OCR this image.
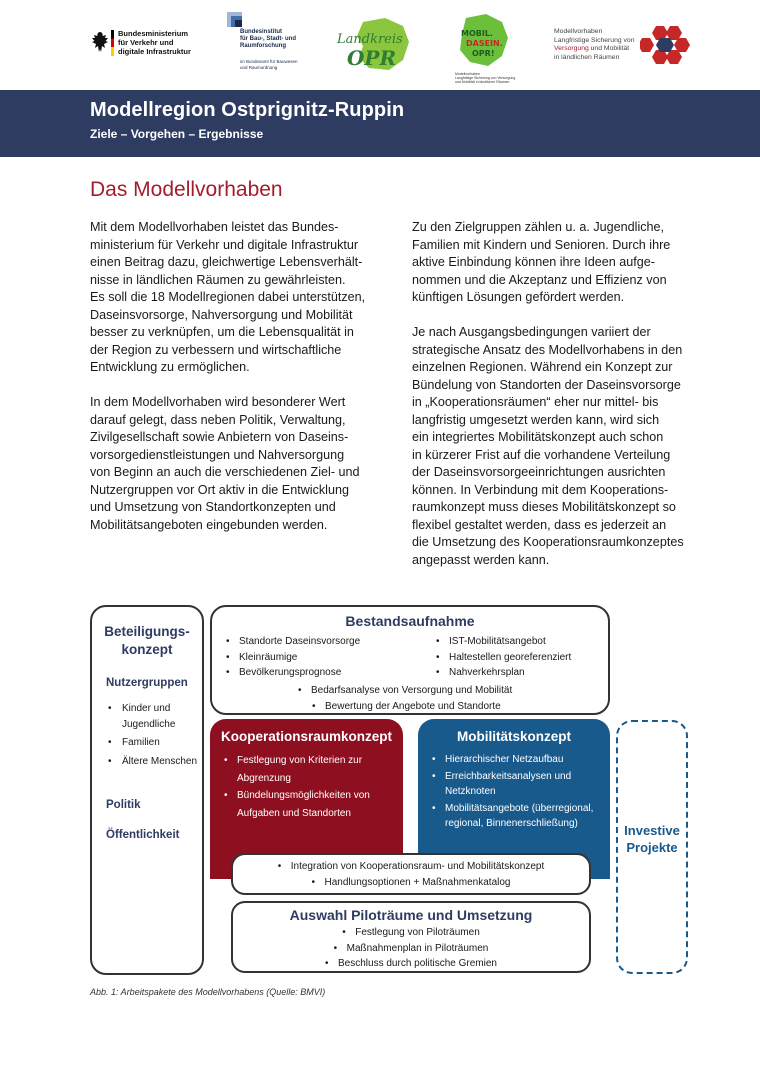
Bundesministerium
für Verkehr und
digitale Infrastruktur
Bundesinstitut
für Bau-, Stadt- und
Raumforschung
im Bundesamt für Bauwesen
und Raumordnung
Landkreis
OPR
MOBIL.
DASEIN.
OPR!
Modellvorhaben
Langfristige Sicherung von Versorgung
und Mobilität in ländlichen Räumen
Modellvorhaben
Langfristige Sicherung von
Versorgung und Mobilität
in ländlichen Räumen
Modellregion Ostprignitz-Ruppin
Ziele – Vorgehen – Ergebnisse
Das Modellvorhaben

Mit dem Modellvorhaben leistet das Bundes-
ministerium für Verkehr und digitale Infrastruktur
einen Beitrag dazu, gleichwertige Lebensverhält-
nisse in ländlichen Räumen zu gewährleisten.
Es soll die 18 Modellregionen dabei unterstützen,
Daseinsvorsorge, Nahversorgung und Mobilität
besser zu verknüpfen, um die Lebensqualität in
der Region zu verbessern und wirtschaftliche
Entwicklung zu ermöglichen.

In dem Modellvorhaben wird besonderer Wert
darauf gelegt, dass neben Politik, Verwaltung,
Zivilgesellschaft sowie Anbietern von Daseins-
vorsorgedienstleistungen und Nahversorgung
von Beginn an auch die verschiedenen Ziel- und
Nutzergruppen vor Ort aktiv in die Entwicklung
und Umsetzung von Standortkonzepten und
Mobilitätsangeboten eingebunden werden.

Zu den Zielgruppen zählen u. a. Jugendliche,
Familien mit Kindern und Senioren. Durch ihre
aktive Einbindung können ihre Ideen aufge-
nommen und die Akzeptanz und Effizienz von
künftigen Lösungen gefördert werden.

Je nach Ausgangsbedingungen variiert der
strategische Ansatz des Modellvorhabens in den
einzelnen Regionen. Während ein Konzept zur
Bündelung von Standorten der Daseinsvorsorge
in „Kooperationsräumen“ eher nur mittel- bis
langfristig umgesetzt werden kann, wird sich
ein integriertes Mobilitätskonzept auch schon
in kürzerer Frist auf die vorhandene Verteilung
der Daseinsvorsorgeeinrichtungen ausrichten
können. In Verbindung mit dem Kooperations-
raumkonzept muss dieses Mobilitätskonzept so
flexibel gestaltet werden, dass es jederzeit an
die Umsetzung des Kooperationsraumkonzeptes
angepasst werden kann.

Beteiligungs-
konzept
Nutzergruppen
• Kinder und Jugendliche
• Familien
• Ältere Menschen
Politik
Öffentlichkeit
Bestandsaufnahme
• Standorte Daseinsvorsorge
• Kleinräumige
• Bevölkerungsprognose
• IST-Mobilitätsangebot
• Haltestellen georeferenziert
• Nahverkehrsplan
• Bedarfsanalyse von Versorgung und Mobilität
• Bewertung der Angebote und Standorte
Kooperationsraumkonzept
• Festlegung von Kriterien zur Abgrenzung
• Bündelungsmöglichkeiten von Aufgaben und Standorten
Mobilitätskonzept
• Hierarchischer Netzaufbau
• Erreichbarkeitsanalysen und Netzknoten
• Mobilitätsangebote (überregional, regional, Binnenerschließung)
• Integration von Kooperationsraum- und Mobilitätskonzept
• Handlungsoptionen + Maßnahmenkatalog
Auswahl Piloträume und Umsetzung
• Festlegung von Piloträumen
• Maßnahmenplan in Piloträumen
• Beschluss durch politische Gremien
Investive
Projekte
Abb. 1: Arbeitspakete des Modellvorhabens (Quelle: BMVI)
